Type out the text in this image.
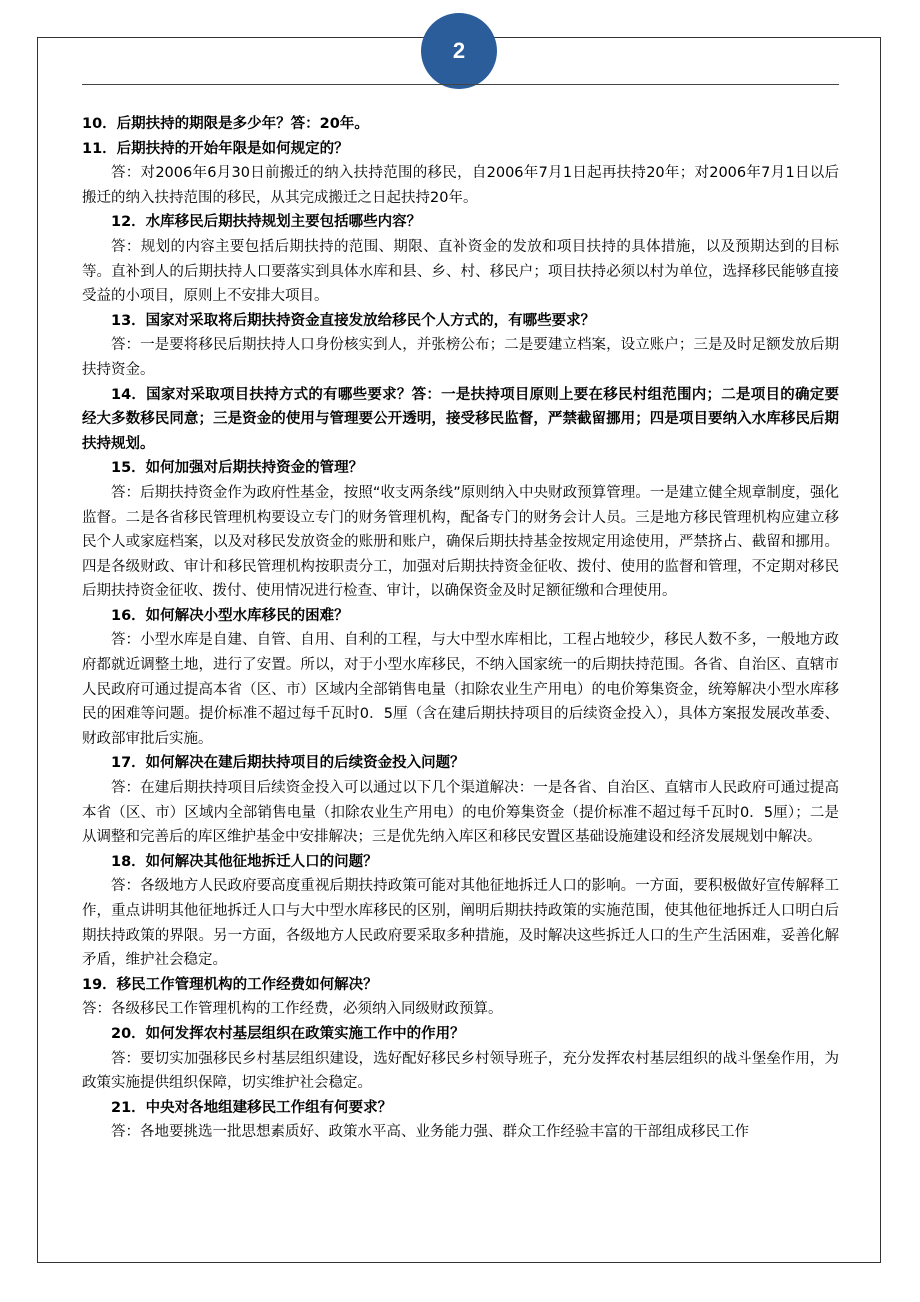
2

10．后期扶持的期限是多少年？答：20年。

11．后期扶持的开始年限是如何规定的？

答：对2006年6月30日前搬迁的纳入扶持范围的移民，自2006年7月1日起再扶持20年；对2006年7月1日以后搬迁的纳入扶持范围的移民，从其完成搬迁之日起扶持20年。

12．水库移民后期扶持规划主要包括哪些内容？

答：规划的内容主要包括后期扶持的范围、期限、直补资金的发放和项目扶持的具体措施，以及预期达到的目标等。直补到人的后期扶持人口要落实到具体水库和县、乡、村、移民户；项目扶持必须以村为单位，选择移民能够直接受益的小项目，原则上不安排大项目。

13．国家对采取将后期扶持资金直接发放给移民个人方式的，有哪些要求？

答：一是要将移民后期扶持人口身份核实到人，并张榜公布；二是要建立档案，设立账户；三是及时足额发放后期扶持资金。

14．国家对采取项目扶持方式的有哪些要求？答：一是扶持项目原则上要在移民村组范围内；二是项目的确定要经大多数移民同意；三是资金的使用与管理要公开透明，接受移民监督，严禁截留挪用；四是项目要纳入水库移民后期扶持规划。

15．如何加强对后期扶持资金的管理？

答：后期扶持资金作为政府性基金，按照“收支两条线”原则纳入中央财政预算管理。一是建立健全规章制度，强化监督。二是各省移民管理机构要设立专门的财务管理机构，配备专门的财务会计人员。三是地方移民管理机构应建立移民个人或家庭档案，以及对移民发放资金的账册和账户，确保后期扶持基金按规定用途使用，严禁挤占、截留和挪用。四是各级财政、审计和移民管理机构按职责分工，加强对后期扶持资金征收、拨付、使用的监督和管理，不定期对移民后期扶持资金征收、拨付、使用情况进行检查、审计，以确保资金及时足额征缴和合理使用。

16．如何解决小型水库移民的困难？

答：小型水库是自建、自管、自用、自利的工程，与大中型水库相比，工程占地较少，移民人数不多，一般地方政府都就近调整土地，进行了安置。所以，对于小型水库移民，不纳入国家统一的后期扶持范围。各省、自治区、直辖市人民政府可通过提高本省（区、市）区域内全部销售电量（扣除农业生产用电）的电价筹集资金，统筹解决小型水库移民的困难等问题。提价标准不超过每千瓦时0．5厘（含在建后期扶持项目的后续资金投入），具体方案报发展改革委、财政部审批后实施。

17．如何解决在建后期扶持项目的后续资金投入问题？

答：在建后期扶持项目后续资金投入可以通过以下几个渠道解决：一是各省、自治区、直辖市人民政府可通过提高本省（区、市）区域内全部销售电量（扣除农业生产用电）的电价筹集资金（提价标准不超过每千瓦时0．5厘）；二是从调整和完善后的库区维护基金中安排解决；三是优先纳入库区和移民安置区基础设施建设和经济发展规划中解决。

18．如何解决其他征地拆迁人口的问题？

答：各级地方人民政府要高度重视后期扶持政策可能对其他征地拆迁人口的影响。一方面，要积极做好宣传解释工作，重点讲明其他征地拆迁人口与大中型水库移民的区别，阐明后期扶持政策的实施范围，使其他征地拆迁人口明白后期扶持政策的界限。另一方面，各级地方人民政府要采取多种措施，及时解决这些拆迁人口的生产生活困难，妥善化解矛盾，维护社会稳定。

19．移民工作管理机构的工作经费如何解决？

答：各级移民工作管理机构的工作经费，必须纳入同级财政预算。

20．如何发挥农村基层组织在政策实施工作中的作用？

答：要切实加强移民乡村基层组织建设，选好配好移民乡村领导班子，充分发挥农村基层组织的战斗堡垒作用，为政策实施提供组织保障，切实维护社会稳定。

21．中央对各地组建移民工作组有何要求？

答：各地要挑选一批思想素质好、政策水平高、业务能力强、群众工作经验丰富的干部组成移民工作
